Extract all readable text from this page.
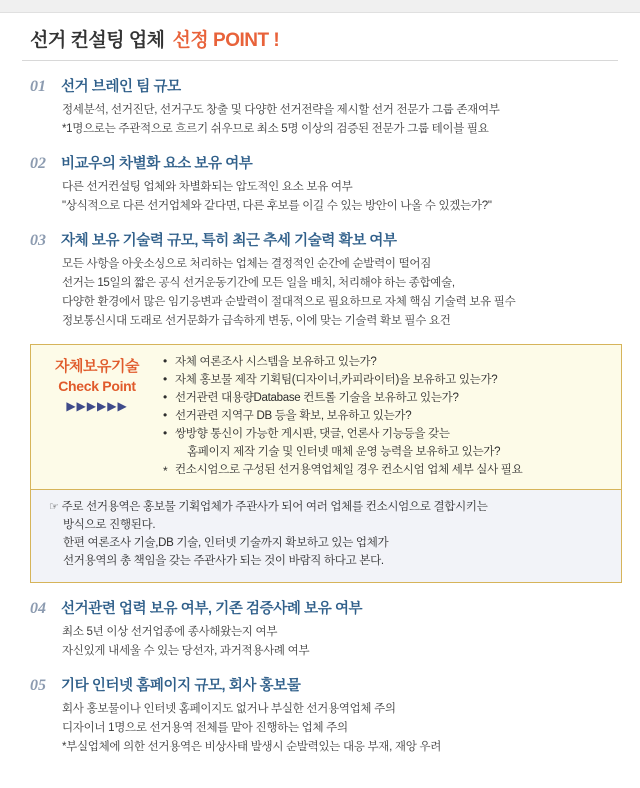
선거 컨설팅 업체 선정 POINT !
01	선거 브레인 팀 규모

정세분석, 선거진단, 선거구도 창출 및 다양한 선거전략을 제시할 선거 전문가 그룹 존재여부

*1명으로는 주관적으로 흐르기 쉬우므로 최소 5명 이상의 검증된 전문가 그룹 테이블 필요

02	비교우의 차별화 요소 보유 여부

다른 선거컨설팅 업체와 차별화되는 압도적인 요소 보유 여부

"상식적으로 다른 선거업체와 같다면, 다른 후보를 이길 수 있는 방안이 나올 수 있겠는가?"

03	자체 보유 기술력 규모, 특히 최근 추세 기술력 확보 여부

모든 사항을 아웃소싱으로 처리하는 업체는 결정적인 순간에 순발력이 떨어짐

선거는 15일의 짧은 공식 선거운동기간에 모든 일을 배치, 처리해야 하는 종합예술,

다양한 환경에서 많은 임기응변과 순발력이 절대적으로 필요하므로 자체 핵심 기술력 보유 필수

정보통신시대 도래로 선거문화가 급속하게 변동, 이에 맞는 기술력 확보 필수 요건

자체보유기술
Check Point
▶▶▶▶▶▶
• 자체 여론조사 시스템을 보유하고 있는가?
• 자체 홍보물 제작 기획팀(디자이너,카피라이터)을 보유하고 있는가?
• 선거관련 대용량Database 컨트롤 기술을 보유하고 있는가?
• 선거관련 지역구 DB 등을 확보, 보유하고 있는가?
• 쌍방향 통신이 가능한 게시판, 댓글, 언론사 기능등을 갖는
홈페이지 제작 기술 및 인터넷 매체 운영 능력을 보유하고 있는가?
* 컨소시엄으로 구성된 선거용역업체일 경우 컨소시엄 업체 세부 실사 필요

☞ 주로 선거용역은 홍보물 기획업체가 주관사가 되어 여러 업체를 컨소시엄으로 결합시키는

방식으로 진행된다.

한편 여론조사 기술,DB 기술, 인터넷 기술까지 확보하고 있는 업체가

선거용역의 총 책임을 갖는 주관사가 되는 것이 바람직 하다고 본다.

04	선거관련 업력 보유 여부, 기존 검증사례 보유 여부

최소 5년 이상 선거업종에 종사해왔는지 여부

자신있게 내세울 수 있는 당선자, 과거적용사례 여부

05	기타 인터넷 홈페이지 규모, 회사 홍보물

회사 홍보물이나 인터넷 홈페이지도 없거나 부실한 선거용역업체 주의

디자이너 1명으로 선거용역 전체를 맡아 진행하는 업체 주의

*부실업체에 의한 선거용역은 비상사태 발생시 순발력있는 대응 부재, 재앙 우려
